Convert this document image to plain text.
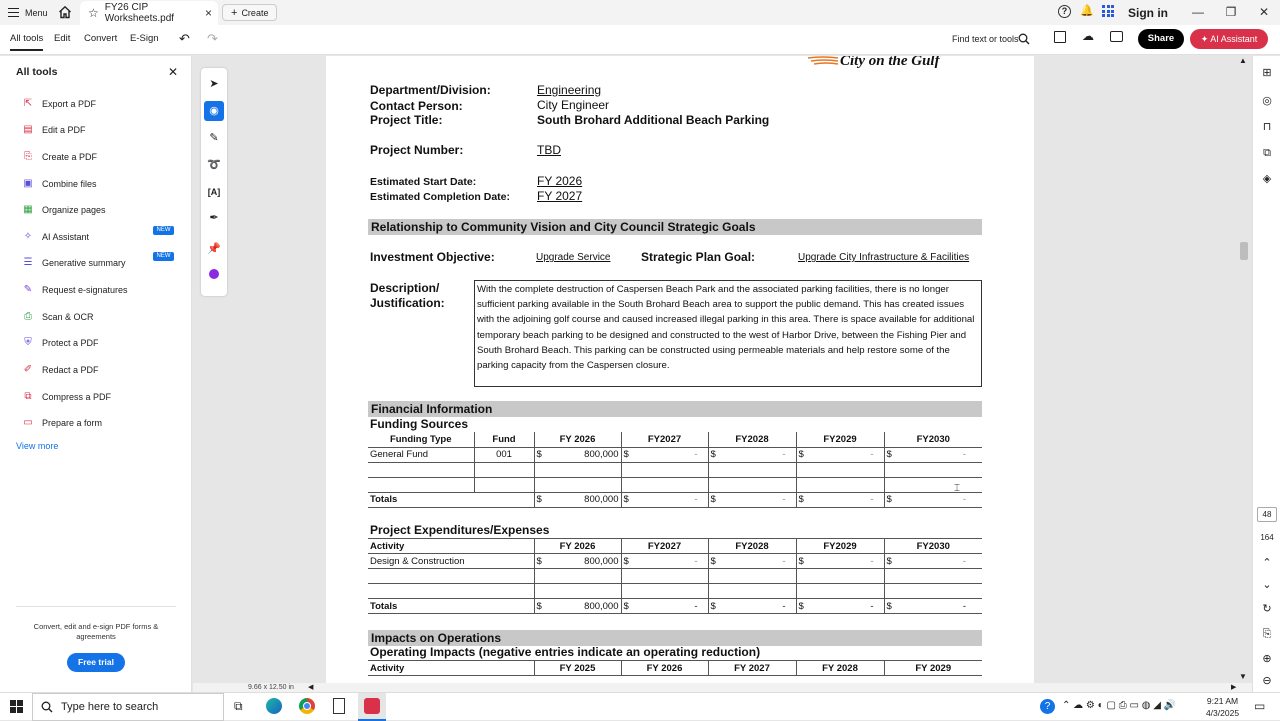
Menu	☆ FY26 CIP Worksheets.pdf	× + Create	?	🔔	Sign in	—	❐	✕
All tools Edit Convert E-Sign ↶ ↷	Find text or tools	☁	Share	✦ AI Assistant
All tools	✕
⇱ Export a PDF
▤ Edit a PDF
⎘ Create a PDF
▣ Combine files
▦ Organize pages
✧ AI Assistant
NEW
☰ Generative summary
NEW
✎ Request e-signatures
⎙ Scan & OCR
⛨ Protect a PDF
✐ Redact a PDF
⧉ Compress a PDF
▭ Prepare a form
View more
Convert, edit and e-sign PDF forms & agreements
Free trial
➤
◉
✎
➰
[A]
✒
📌
City on the Gulf
Department/Division:	Engineering
Contact Person:	City Engineer
Project Title:	South Brohard Additional Beach Parking
Project Number:	TBD
Estimated Start Date:	FY 2026
Estimated Completion Date: FY 2027
Relationship to Community Vision and City Council Strategic Goals
Investment Objective:	Upgrade Service	Strategic Plan Goal:	Upgrade City Infrastructure & Facilities
Description/
Justification:
With the complete destruction of Caspersen Beach Park and the associated parking facilities, there is no longer sufficient parking available in the South Brohard Beach area to support the public demand. This has created issues with the adjoining golf course and caused increased illegal parking in this area. There is space available for additional temporary beach parking to be designed and constructed to the west of Harbor Drive, between the Fishing Pier and South Brohard Beach. This parking can be constructed using permeable materials and help restore some of the parking capacity from the Caspersen closure.
Financial Information
Funding Sources
Funding Type	Fund	FY 2026	FY2027	FY2028	FY2029	FY2030
General Fund	001	$ 800,000	$ -	$ -	$ -	$ -

Totals		$ 800,000	$ -	$ -	$ -	$ -
Project Expenditures/Expenses
Activity	FY 2026	FY2027	FY2028	FY2029	FY2030
Design & Construction	$ 800,000	$ -	$ -	$ -	$ -

Totals	$ 800,000	$ -	$ -	$ -	$ -
Impacts on Operations
Operating Impacts (negative entries indicate an operating reduction)
Activity	FY 2025	FY 2026	FY 2027	FY 2028	FY 2029
⌶
▲
▼
9.66 x 12.50 in ◀	▶
⊞
◎
⊓
⧉
◈
48
164
⌃
⌄
↻
⎘
⊕
⊖
Type here to search	⧉	?	⌃ ☁ ⚙ ◐ ▢ ⎙ ▭ ◍ ◢ 🔊	9:21 AM
4/3/2025	▭
